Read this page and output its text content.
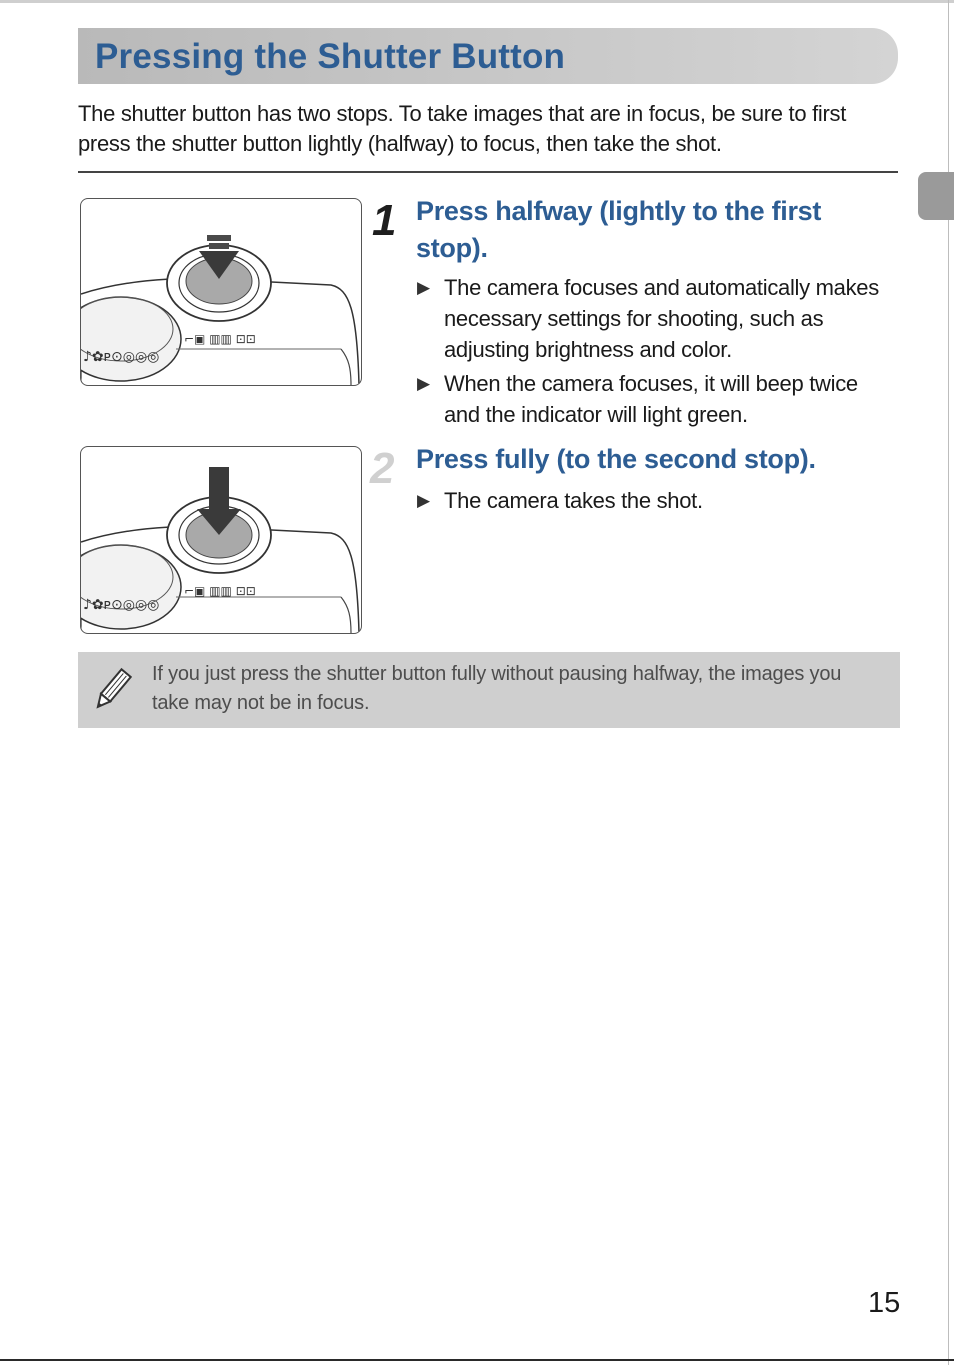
Pressing the Shutter Button
The shutter button has two stops. To take images that are in focus, be sure to first press the shutter button lightly (halfway) to focus, then take the shot.
♪✿ᴘ⊙◎◎◎
⌐▣ ▥▥ ⊡⊡
1 Press halfway (lightly to the first stop).
▶ The camera focuses and automatically makes necessary settings for shooting, such as adjusting brightness and color.
▶ When the camera focuses, it will beep twice and the indicator will light green.
♪✿ᴘ⊙◎◎◎
⌐▣ ▥▥ ⊡⊡
2 Press fully (to the second stop).
▶ The camera takes the shot.
If you just press the shutter button fully without pausing halfway, the images you take may not be in focus.
15
